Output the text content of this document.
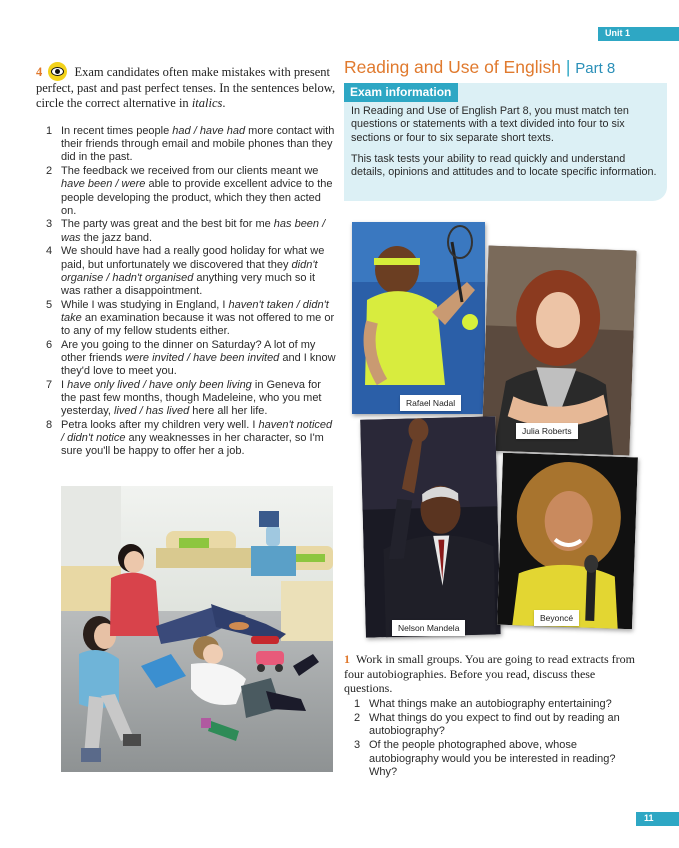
Unit 1
4	Exam candidates often make mistakes with present perfect, past and past perfect tenses. In the sentences below, circle the correct alternative in italics.
1 In recent times people had / have had more contact with their friends through email and mobile phones than they did in the past.
2 The feedback we received from our clients meant we have been / were able to provide excellent advice to the people developing the product, which they then acted on.
3 The party was great and the best bit for me has been / was the jazz band.
4 We should have had a really good holiday for what we paid, but unfortunately we discovered that they didn't organise / hadn't organised anything very much so it was rather a disappointment.
5 While I was studying in England, I haven't taken / didn't take an examination because it was not offered to me or to any of my fellow students either.
6 Are you going to the dinner on Saturday? A lot of my other friends were invited / have been invited and I know they'd love to meet you.
7 I have only lived / have only been living in Geneva for the past few months, though Madeleine, who you met yesterday, lived / has lived here all her life.
8 Petra looks after my children very well. I haven't noticed / didn't notice any weaknesses in her character, so I'm sure you'll be happy to offer her a job.
Reading and Use of English | Part 8
Exam information
In Reading and Use of English Part 8, you must match ten questions or statements with a text divided into four to six sections or four to six separate short texts.
This task tests your ability to read quickly and understand details, opinions and attitudes and to locate specific information.
Rafael Nadal
Julia Roberts
Nelson Mandela
Beyoncé
1 Work in small groups. You are going to read extracts from four autobiographies. Before you read, discuss these questions.
1 What things make an autobiography entertaining?
2 What things do you expect to find out by reading an autobiography?
3 Of the people photographed above, whose autobiography would you be interested in reading? Why?
11
